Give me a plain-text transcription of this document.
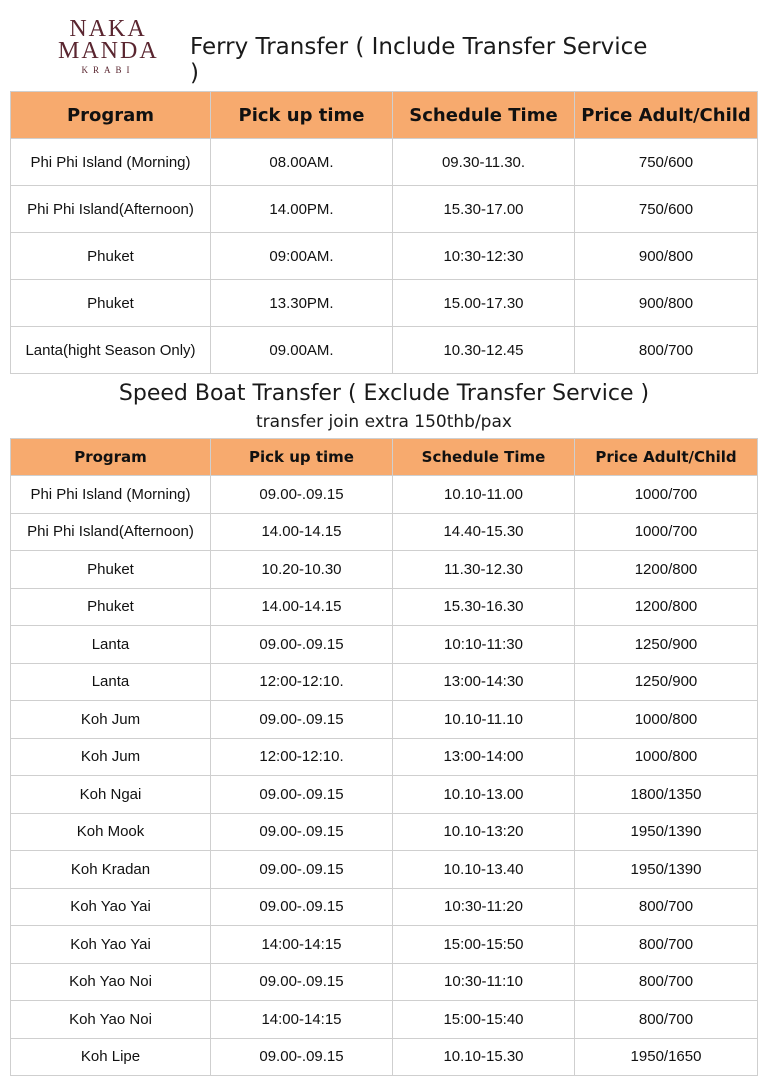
NAKA
MANDA
KRABI
Ferry Transfer ( Include Transfer Service )
Program	Pick up time	Schedule Time	Price Adult/Child
Phi Phi Island (Morning)	08.00AM.	09.30-11.30.	750/600
Phi Phi Island(Afternoon)	14.00PM.	15.30-17.00	750/600
Phuket	09:00AM.	10:30-12:30	900/800
Phuket	13.30PM.	15.00-17.30	900/800
Lanta(hight Season Only)	09.00AM.	10.30-12.45	800/700
Speed Boat Transfer ( Exclude Transfer Service )
transfer join extra 150thb/pax
Program	Pick up time	Schedule Time	Price Adult/Child
Phi Phi Island (Morning)	09.00-.09.15	10.10-11.00	1000/700
Phi Phi Island(Afternoon)	14.00-14.15	14.40-15.30	1000/700
Phuket	10.20-10.30	11.30-12.30	1200/800
Phuket	14.00-14.15	15.30-16.30	1200/800
Lanta	09.00-.09.15	10:10-11:30	1250/900
Lanta	12:00-12:10.	13:00-14:30	1250/900
Koh Jum	09.00-.09.15	10.10-11.10	1000/800
Koh Jum	12:00-12:10.	13:00-14:00	1000/800
Koh Ngai	09.00-.09.15	10.10-13.00	1800/1350
Koh Mook	09.00-.09.15	10.10-13:20	1950/1390
Koh Kradan	09.00-.09.15	10.10-13.40	1950/1390
Koh Yao Yai	09.00-.09.15	10:30-11:20	800/700
Koh Yao Yai	14:00-14:15	15:00-15:50	800/700
Koh Yao Noi	09.00-.09.15	10:30-11:10	800/700
Koh Yao Noi	14:00-14:15	15:00-15:40	800/700
Koh Lipe	09.00-.09.15	10.10-15.30	1950/1650
